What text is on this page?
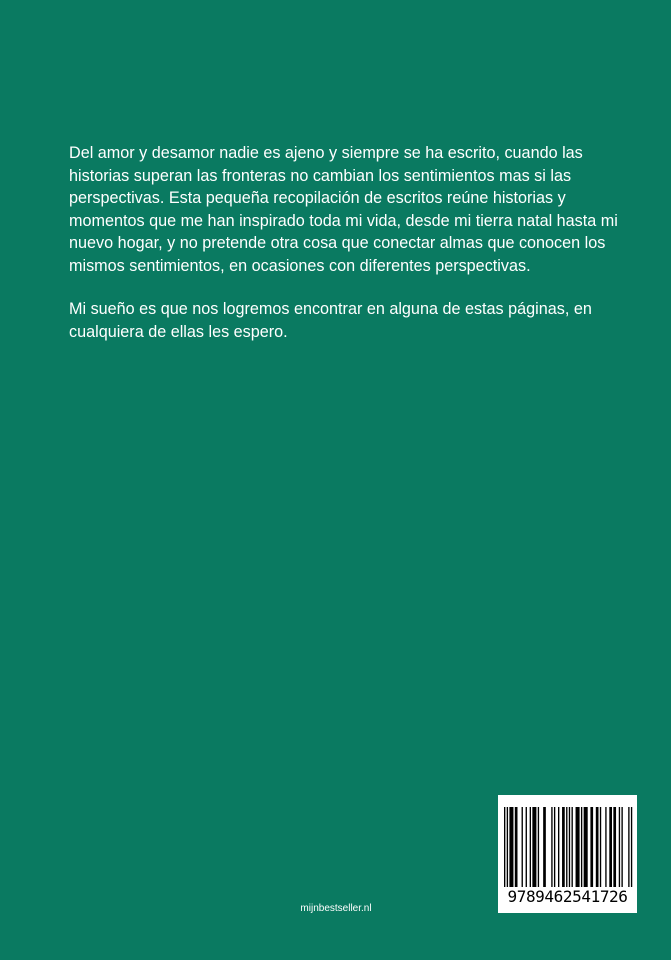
Del amor y desamor nadie es ajeno y siempre se ha escrito, cuando las historias superan las fronteras no cambian los sentimientos mas si las perspectivas. Esta pequeña recopilación de escritos reúne historias y momentos que me han inspirado toda mi vida, desde mi tierra natal hasta mi nuevo hogar, y no pretende otra cosa que conectar almas que conocen los mismos sentimientos, en ocasiones con diferentes perspectivas.

Mi sueño es que nos logremos encontrar en alguna de estas páginas, en cualquiera de ellas les espero.

9789462541726
mijnbestseller.nl
